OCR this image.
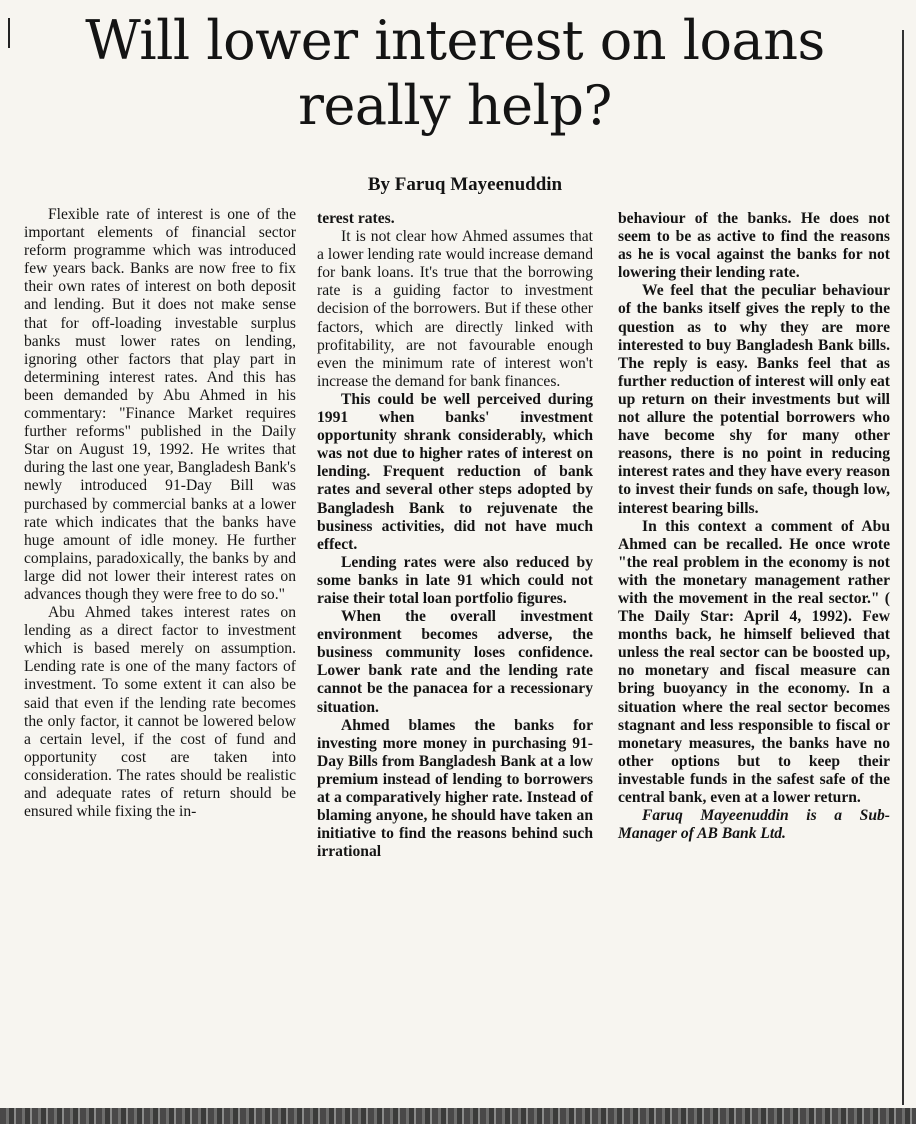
Will lower interest on loans really help?
By Faruq Mayeenuddin

Flexible rate of interest is one of the important elements of financial sector reform programme which was introduced few years back. Banks are now free to fix their own rates of interest on both deposit and lending. But it does not make sense that for off-loading investable surplus banks must lower rates on lending, ignoring other factors that play part in determining interest rates. And this has been demanded by Abu Ahmed in his commentary: "Finance Market requires further reforms" published in the Daily Star on August 19, 1992. He writes that during the last one year, Bangladesh Bank's newly introduced 91-Day Bill was purchased by commercial banks at a lower rate which indicates that the banks have huge amount of idle money. He further complains, paradoxically, the banks by and large did not lower their interest rates on advances though they were free to do so."

Abu Ahmed takes interest rates on lending as a direct factor to investment which is based merely on assumption. Lending rate is one of the many factors of investment. To some extent it can also be said that even if the lending rate becomes the only factor, it cannot be lowered below a certain level, if the cost of fund and opportunity cost are taken into consideration. The rates should be realistic and adequate rates of return should be ensured while fixing the in-

terest rates.

It is not clear how Ahmed assumes that a lower lending rate would increase demand for bank loans. It's true that the borrowing rate is a guiding factor to investment decision of the borrowers. But if these other factors, which are directly linked with profitability, are not favourable enough even the minimum rate of interest won't increase the demand for bank finances.

This could be well perceived during 1991 when banks' investment opportunity shrank considerably, which was not due to higher rates of interest on lending. Frequent reduction of bank rates and several other steps adopted by Bangladesh Bank to rejuvenate the business activities, did not have much effect.

Lending rates were also reduced by some banks in late 91 which could not raise their total loan portfolio figures.

When the overall investment environment becomes adverse, the business community loses confidence. Lower bank rate and the lending rate cannot be the panacea for a recessionary situation.

Ahmed blames the banks for investing more money in purchasing 91-Day Bills from Bangladesh Bank at a low premium instead of lending to borrowers at a comparatively higher rate. Instead of blaming anyone, he should have taken an initiative to find the reasons behind such irrational

behaviour of the banks. He does not seem to be as active to find the reasons as he is vocal against the banks for not lowering their lending rate.

We feel that the peculiar behaviour of the banks itself gives the reply to the question as to why they are more interested to buy Bangladesh Bank bills. The reply is easy. Banks feel that as further reduction of interest will only eat up return on their investments but will not allure the potential borrowers who have become shy for many other reasons, there is no point in reducing interest rates and they have every reason to invest their funds on safe, though low, interest bearing bills.

In this context a comment of Abu Ahmed can be recalled. He once wrote "the real problem in the economy is not with the monetary management rather with the movement in the real sector." ( The Daily Star: April 4, 1992). Few months back, he himself believed that unless the real sector can be boosted up, no monetary and fiscal measure can bring buoyancy in the economy. In a situation where the real sector becomes stagnant and less responsible to fiscal or monetary measures, the banks have no other options but to keep their investable funds in the safest safe of the central bank, even at a lower return.

Faruq Mayeenuddin is a Sub-Manager of AB Bank Ltd.
